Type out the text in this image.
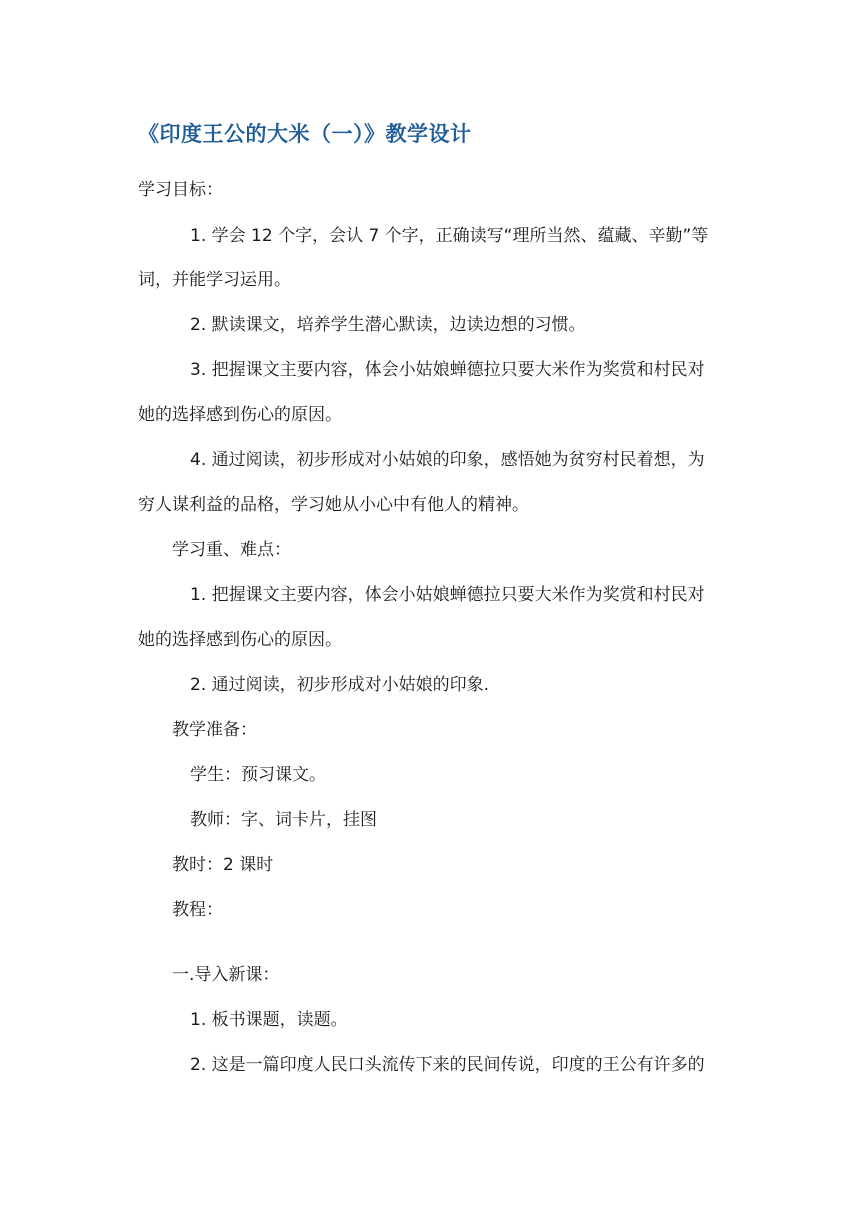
《印度王公的大米（一）》教学设计
学习目标：
1. 学会 12 个字，会认 7 个字，正确读写“理所当然、蕴藏、辛勤”等
词，并能学习运用。
2. 默读课文，培养学生潜心默读，边读边想的习惯。
3. 把握课文主要内容，体会小姑娘蝉德拉只要大米作为奖赏和村民对
她的选择感到伤心的原因。
4. 通过阅读，初步形成对小姑娘的印象，感悟她为贫穷村民着想，为
穷人谋利益的品格，学习她从小心中有他人的精神。
学习重、难点：
1. 把握课文主要内容，体会小姑娘蝉德拉只要大米作为奖赏和村民对
她的选择感到伤心的原因。
2. 通过阅读，初步形成对小姑娘的印象.
教学准备：
学生：预习课文。
教师：字、词卡片，挂图
教时：2 课时
教程：
一.导入新课：
1. 板书课题，读题。
2. 这是一篇印度人民口头流传下来的民间传说，印度的王公有许多的
